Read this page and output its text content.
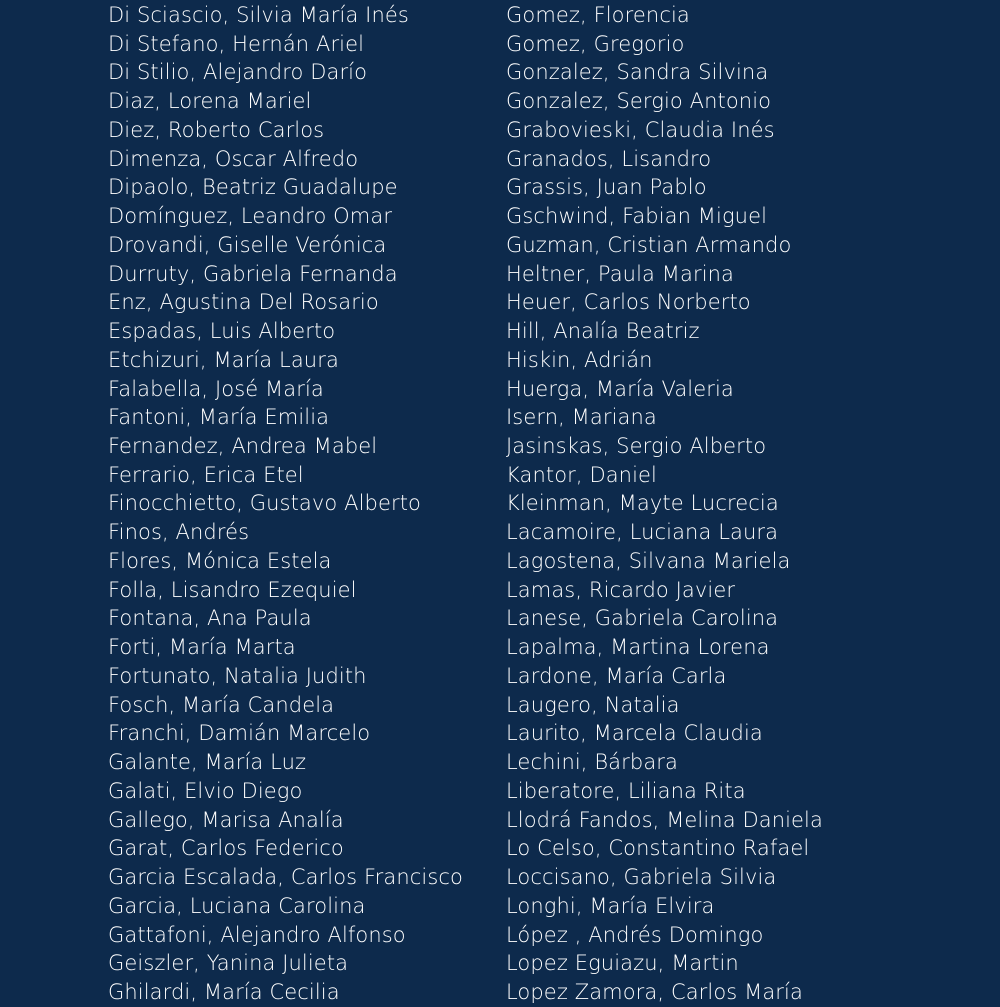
Di Sciascio, Silvia María Inés
Di Stefano, Hernán Ariel
Di Stilio, Alejandro Darío
Diaz, Lorena Mariel
Diez, Roberto Carlos
Dimenza, Oscar Alfredo
Dipaolo, Beatriz Guadalupe
Domínguez, Leandro Omar
Drovandi, Giselle Verónica
Durruty, Gabriela Fernanda
Enz, Agustina Del Rosario
Espadas, Luis Alberto
Etchizuri, María Laura
Falabella, José María
Fantoni, María Emilia
Fernandez, Andrea Mabel
Ferrario, Erica Etel
Finocchietto, Gustavo Alberto
Finos, Andrés
Flores, Mónica Estela
Folla, Lisandro Ezequiel
Fontana, Ana Paula
Forti, María Marta
Fortunato, Natalia Judith
Fosch, María Candela
Franchi, Damián Marcelo
Galante, María Luz
Galati, Elvio Diego
Gallego, Marisa Analía
Garat, Carlos Federico
Garcia Escalada, Carlos Francisco
Garcia, Luciana Carolina
Gattafoni, Alejandro Alfonso
Geiszler, Yanina Julieta
Ghilardi, María Cecilia
Gomez, Florencia
Gomez, Gregorio
Gonzalez, Sandra Silvina
Gonzalez, Sergio Antonio
Grabovieski, Claudia Inés
Granados, Lisandro
Grassis, Juan Pablo
Gschwind, Fabian Miguel
Guzman, Cristian Armando
Heltner, Paula Marina
Heuer, Carlos Norberto
Hill, Analía Beatriz
Hiskin, Adrián
Huerga, María Valeria
Isern, Mariana
Jasinskas, Sergio Alberto
Kantor, Daniel
Kleinman, Mayte Lucrecia
Lacamoire, Luciana Laura
Lagostena, Silvana Mariela
Lamas, Ricardo Javier
Lanese, Gabriela Carolina
Lapalma, Martina Lorena
Lardone, María Carla
Laugero, Natalia
Laurito, Marcela Claudia
Lechini, Bárbara
Liberatore, Liliana Rita
Llodrá Fandos, Melina Daniela
Lo Celso, Constantino Rafael
Loccisano, Gabriela Silvia
Longhi, María Elvira
López , Andrés Domingo
Lopez Eguiazu, Martin
Lopez Zamora, Carlos María
